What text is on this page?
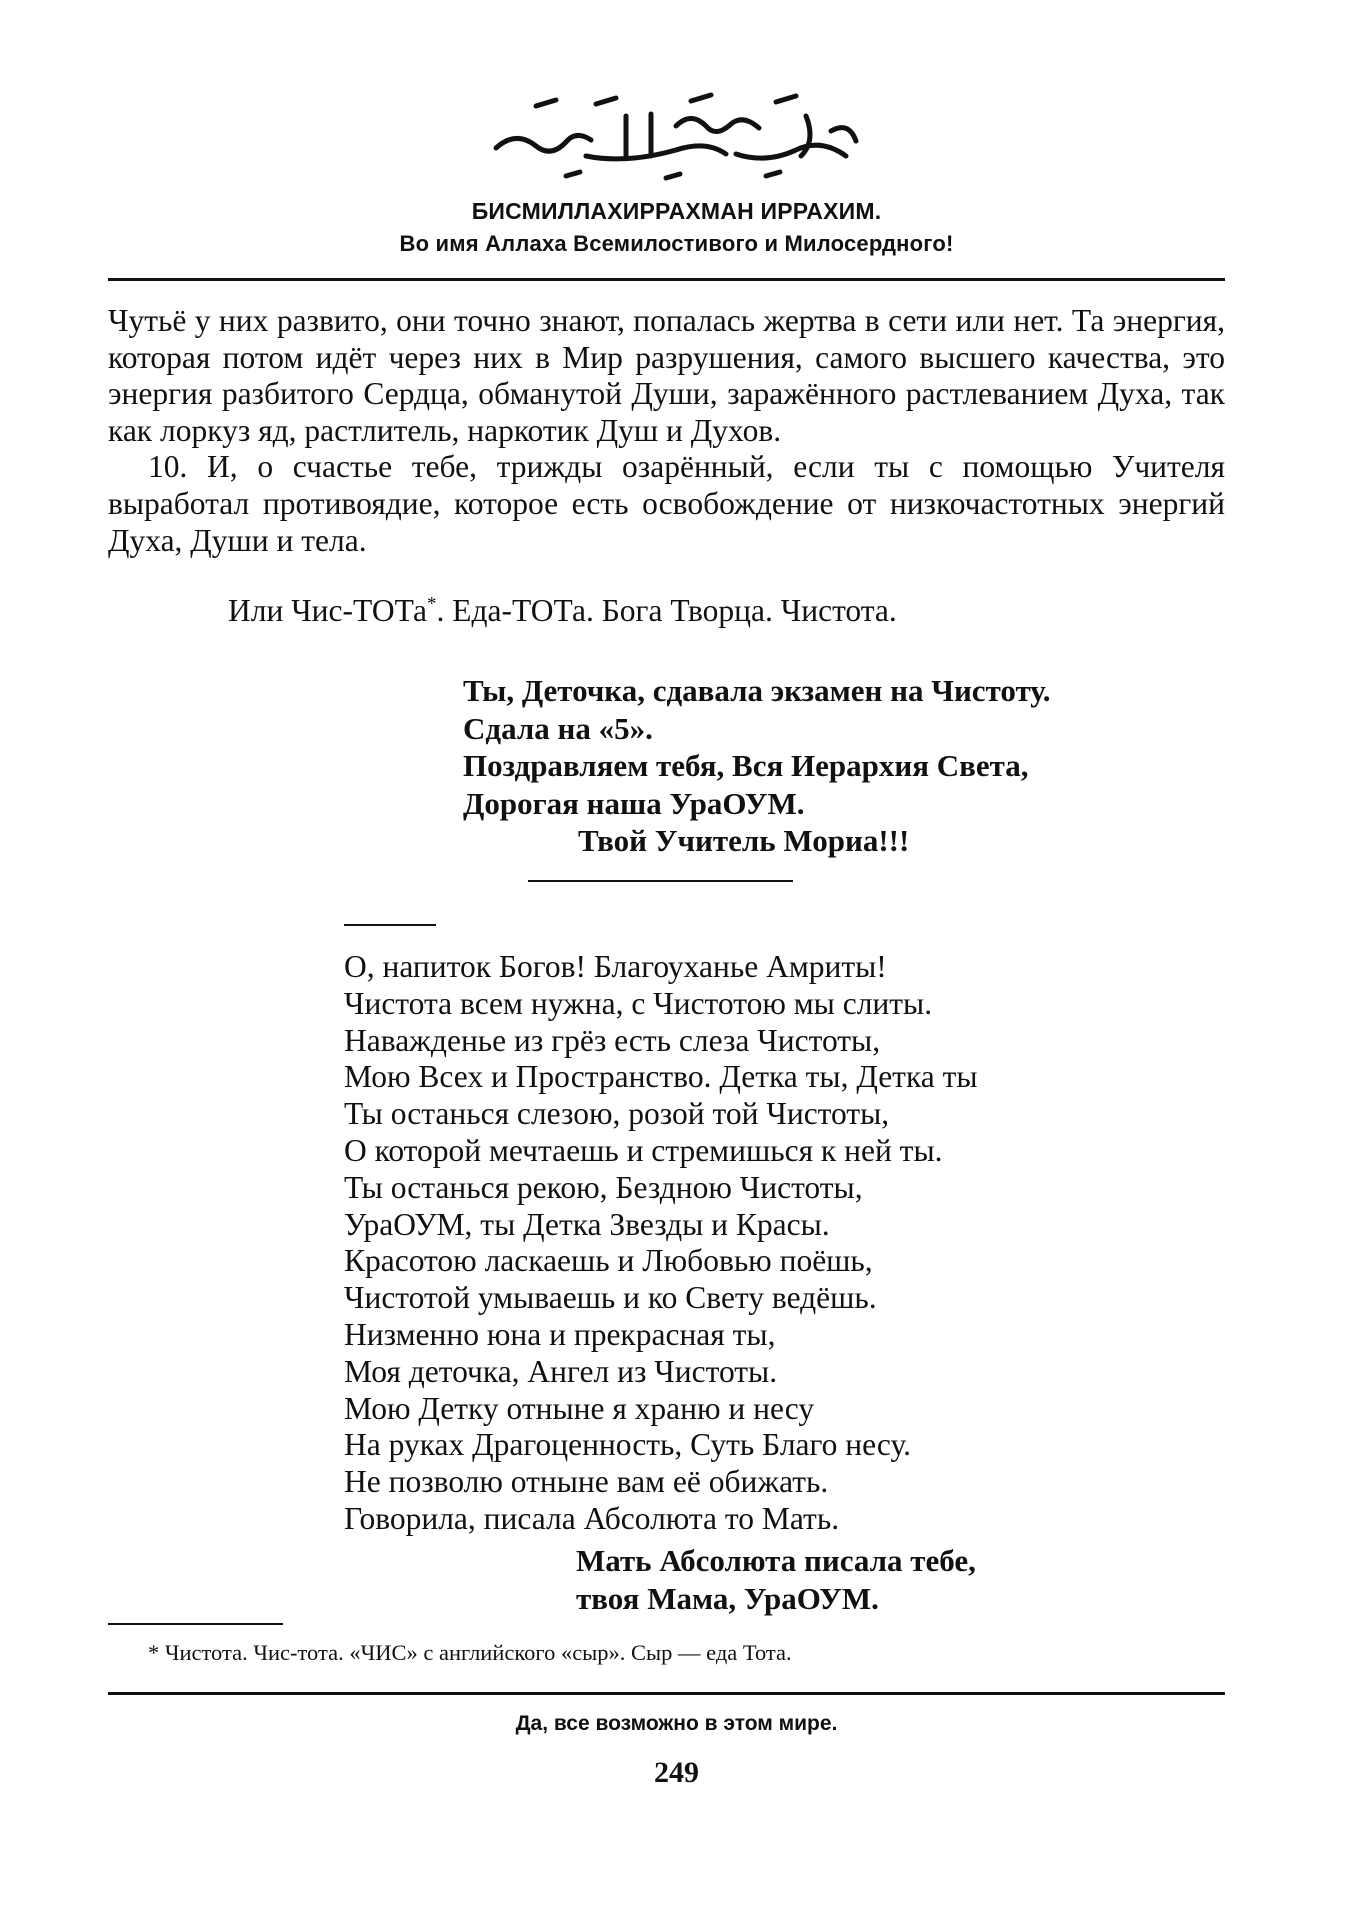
БИСМИЛЛАХИРРАХМАН ИРРАХИМ.
Во имя Аллаха Всемилостивого и Милосердного!

Чутьё у них развито, они точно знают, попалась жертва в сети или нет. Та энергия, которая потом идёт через них в Мир разрушения, самого высшего качества, это энергия разбитого Сердца, обманутой Души, заражённого растлеванием Духа, так как лоркуз яд, растлитель, наркотик Душ и Духов.

10. И, о счастье тебе, трижды озарённый, если ты с помощью Учителя выработал противоядие, которое есть освобождение от низкочастотных энергий Духа, Души и тела.

Или Чис-ТОТа*. Еда-ТОТа. Бога Творца. Чистота.
Ты, Деточка, сдавала экзамен на Чистоту.
Сдала на «5».
Поздравляем тебя, Вся Иерархия Света,
Дорогая наша УраОУМ.
Твой Учитель Мориа!!!
О, напиток Богов! Благоуханье Амриты!
Чистота всем нужна, с Чистотою мы слиты.
Наважденье из грёз есть слеза Чистоты,
Мою Всех и Пространство. Детка ты, Детка ты
Ты останься слезою, розой той Чистоты,
О которой мечтаешь и стремишься к ней ты.
Ты останься рекою, Бездною Чистоты,
УраОУМ, ты Детка Звезды и Красы.
Красотою ласкаешь и Любовью поёшь,
Чистотой умываешь и ко Свету ведёшь.
Низменно юна и прекрасная ты,
Моя деточка, Ангел из Чистоты.
Мою Детку отныне я храню и несу
На руках Драгоценность, Суть Благо несу.
Не позволю отныне вам её обижать.
Говорила, писала Абсолюта то Мать.
Мать Абсолюта писала тебе,
твоя Мама, УраОУМ.
* Чистота. Чис-тота. «ЧИС» с английского «сыр». Сыр — еда Тота.
Да, все возможно в этом мире.
249
